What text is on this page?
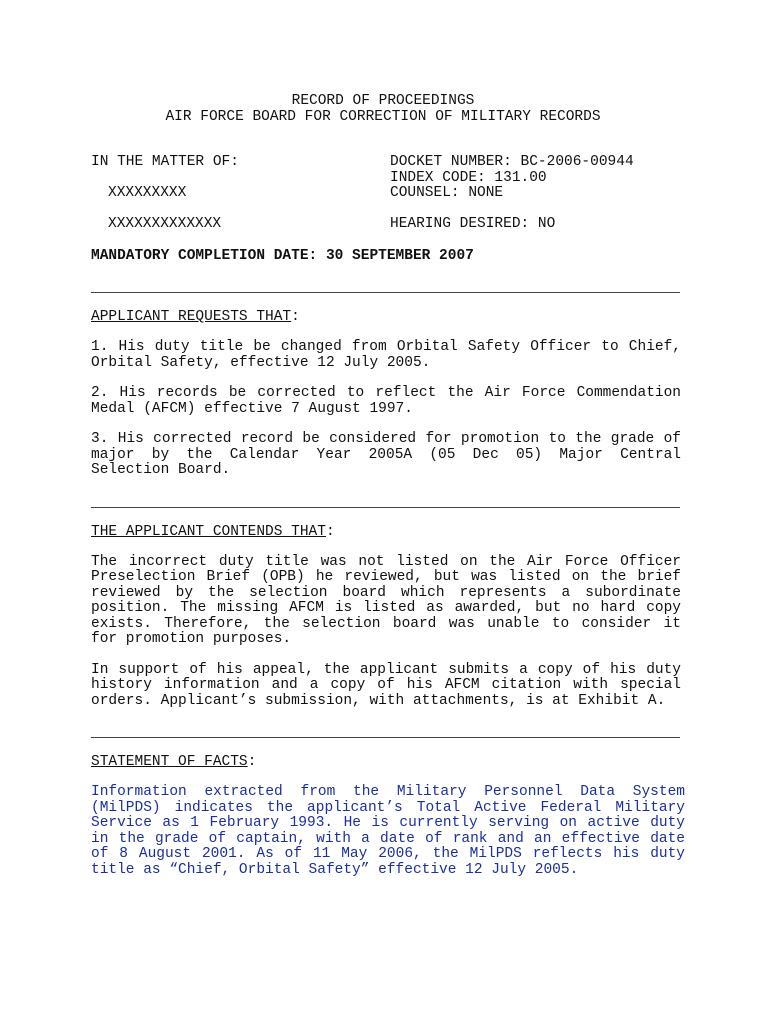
RECORD OF PROCEEDINGS
AIR FORCE BOARD FOR CORRECTION OF MILITARY RECORDS
IN THE MATTER OF:
XXXXXXXXX
XXXXXXXXXXXXX
DOCKET NUMBER: BC-2006-00944
INDEX CODE: 131.00
COUNSEL: NONE
HEARING DESIRED: NO
MANDATORY COMPLETION DATE: 30 SEPTEMBER 2007
APPLICANT REQUESTS THAT:

1. His duty title be changed from Orbital Safety Officer to Chief, Orbital Safety, effective 12 July 2005.

2. His records be corrected to reflect the Air Force Commendation Medal (AFCM) effective 7 August 1997.

3. His corrected record be considered for promotion to the grade of major by the Calendar Year 2005A (05 Dec 05) Major Central Selection Board.

THE APPLICANT CONTENDS THAT:

The incorrect duty title was not listed on the Air Force Officer Preselection Brief (OPB) he reviewed, but was listed on the brief reviewed by the selection board which represents a subordinate position. The missing AFCM is listed as awarded, but no hard copy exists. Therefore, the selection board was unable to consider it for promotion purposes.

In support of his appeal, the applicant submits a copy of his duty history information and a copy of his AFCM citation with special orders. Applicant’s submission, with attachments, is at Exhibit A.

STATEMENT OF FACTS:

Information extracted from the Military Personnel Data System (MilPDS) indicates the applicant’s Total Active Federal Military Service as 1 February 1993. He is currently serving on active duty in the grade of captain, with a date of rank and an effective date of 8 August 2001. As of 11 May 2006, the MilPDS reflects his duty title as “Chief, Orbital Safety” effective 12 July 2005.
